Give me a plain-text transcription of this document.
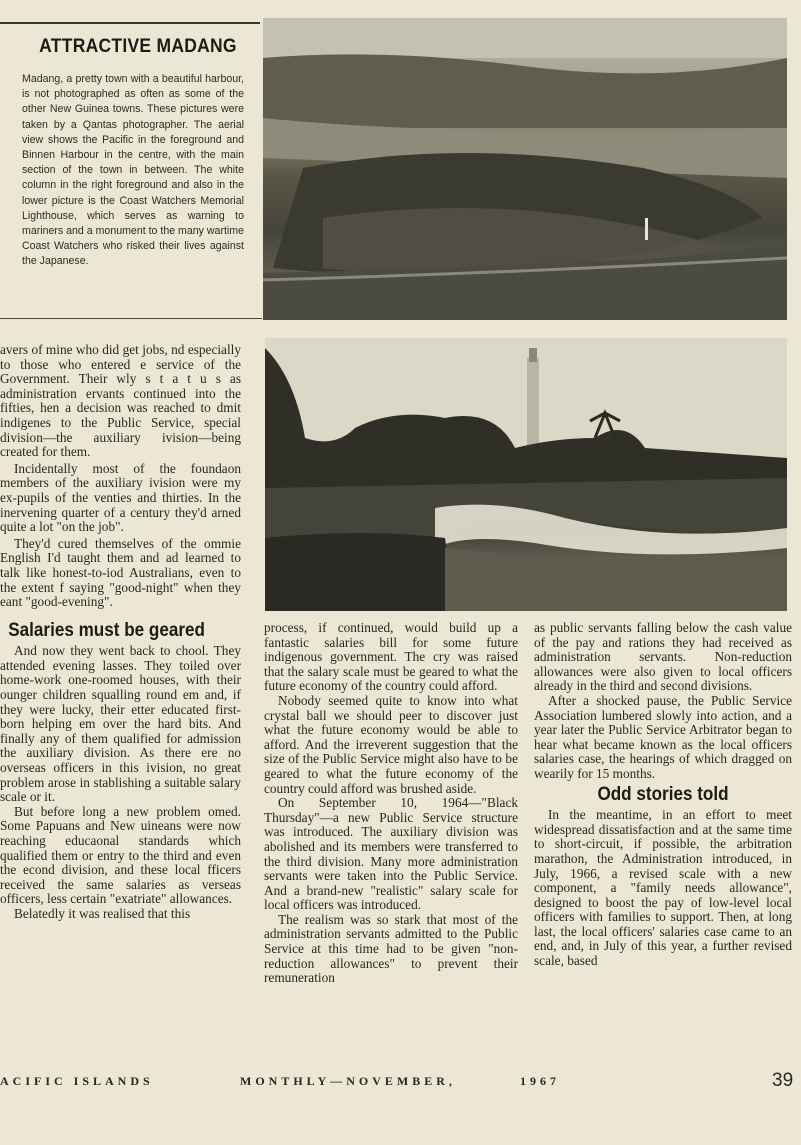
ATTRACTIVE MADANG
Madang, a pretty town with a beautiful harbour, is not photographed as often as some of the other New Guinea towns. These pictures were taken by a Qantas photographer. The aerial view shows the Pacific in the foreground and Binnen Harbour in the centre, with the main section of the town in between. The white column in the right foreground and also in the lower picture is the Coast Watchers Memorial Lighthouse, which serves as warning to mariners and a monument to the many wartime Coast Watchers who risked their lives against the Japanese.

avers of mine who did get jobs, nd especially to those who entered e service of the Government. Their wly s t a t u s as administration ervants continued into the fifties, hen a decision was reached to dmit indigenes to the Public Service, special division—the auxiliary ivision—being created for them.

Incidentally most of the foundaon members of the auxiliary ivision were my ex-pupils of the venties and thirties. In the inervening quarter of a century they'd arned quite a lot "on the job".

They'd cured themselves of the ommie English I'd taught them and ad learned to talk like honest-to-iod Australians, even to the extent f saying "good-night" when they eant "good-evening".

Salaries must be geared

And now they went back to chool. They attended evening lasses. They toiled over home-work one-roomed houses, with their ounger children squalling round em and, if they were lucky, their etter educated first-born helping em over the hard bits. And finally any of them qualified for admission the auxiliary division. As there ere no overseas officers in this ivision, no great problem arose in stablishing a suitable salary scale or it.

But before long a new problem omed. Some Papuans and New uineans were now reaching educaonal standards which qualified them or entry to the third and even the econd division, and these local fficers received the same salaries as verseas officers, less certain "exatriate" allowances.

Belatedly it was realised that this

process, if continued, would build up a fantastic salaries bill for some future indigenous government. The cry was raised that the salary scale must be geared to what the future economy of the country could afford.

Nobody seemed quite to know into what crystal ball we should peer to discover just what the future economy would be able to afford. And the irreverent suggestion that the size of the Public Service might also have to be geared to what the future economy of the country could afford was brushed aside.

On September 10, 1964—"Black Thursday"—a new Public Service structure was introduced. The auxiliary division was abolished and its members were transferred to the third division. Many more administration servants were taken into the Public Service. And a brand-new "realistic" salary scale for local officers was introduced.

The realism was so stark that most of the administration servants admitted to the Public Service at this time had to be given "non-reduction allowances" to prevent their remuneration

as public servants falling below the cash value of the pay and rations they had received as administration servants. Non-reduction allowances were also given to local officers already in the third and second divisions.

After a shocked pause, the Public Service Association lumbered slowly into action, and a year later the Public Service Arbitrator began to hear what became known as the local officers salaries case, the hearings of which dragged on wearily for 15 months.

Odd stories told

In the meantime, in an effort to meet widespread dissatisfaction and at the same time to short-circuit, if possible, the arbitration marathon, the Administration introduced, in July, 1966, a revised scale with a new component, a "family needs allowance", designed to boost the pay of low-level local officers with families to support. Then, at long last, the local officers' salaries case came to an end, and, in July of this year, a further revised scale, based

ACIFIC ISLANDS	MONTHLY—NOVEMBER,	1967	39
